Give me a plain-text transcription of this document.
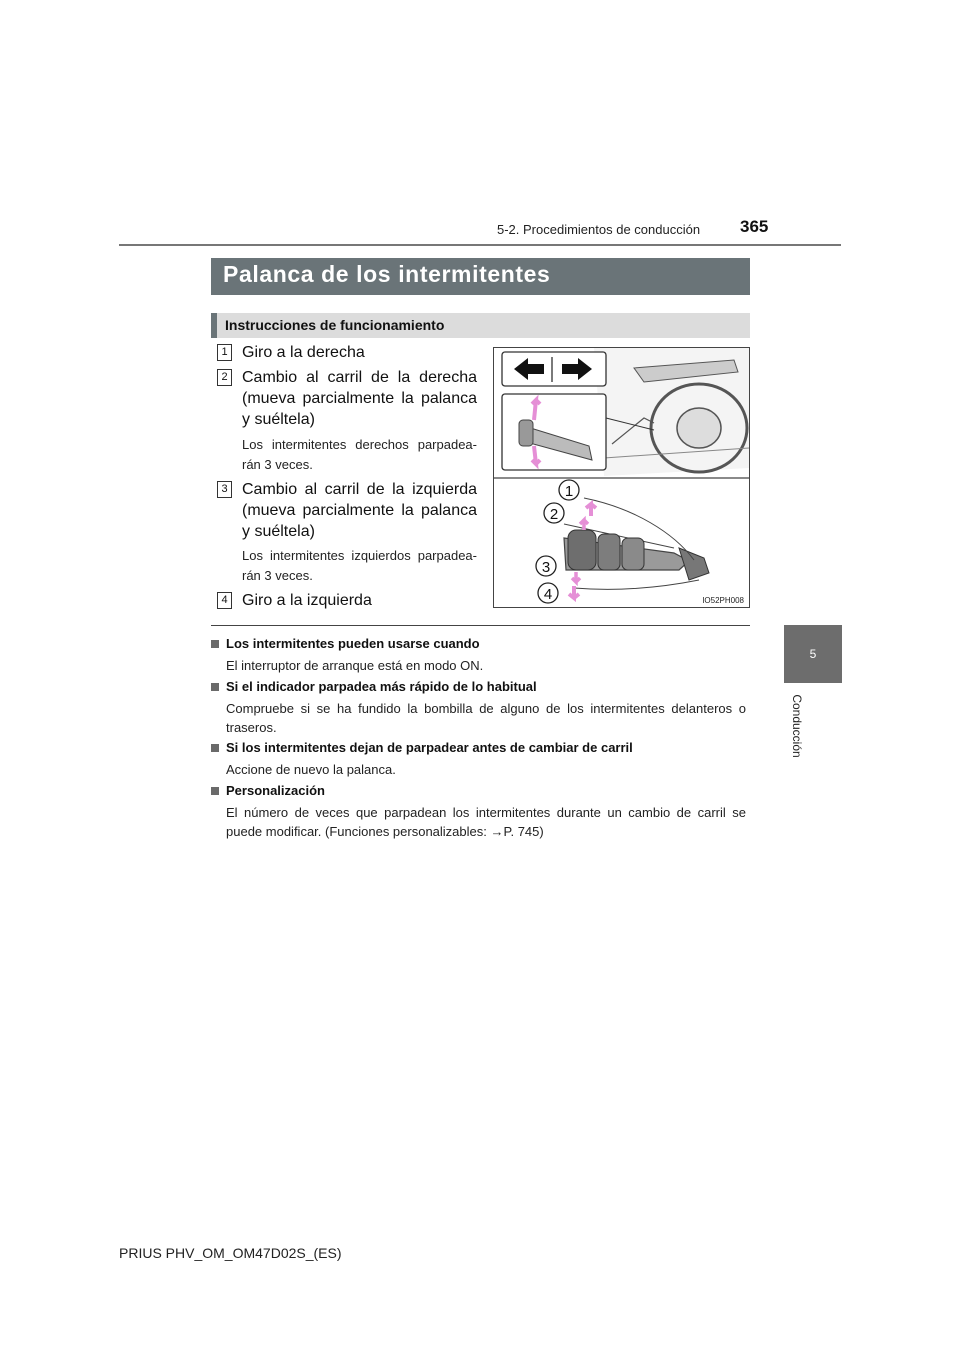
5-2. Procedimientos de conducción 365
5
Conducción
Palanca de los intermitentes
Instrucciones de funcionamiento
1 Giro a la derecha
2 Cambio al carril de la derecha (mueva parcialmente la palanca y suéltela)
Los intermitentes derechos parpadea-rán 3 veces.
3 Cambio al carril de la izquierda (mueva parcialmente la palanca y suéltela)
Los intermitentes izquierdos parpadea-rán 3 veces.
4 Giro a la izquierda
1
2
3
4	IO52PH008
Los intermitentes pueden usarse cuando
El interruptor de arranque está en modo ON.
Si el indicador parpadea más rápido de lo habitual
Compruebe si se ha fundido la bombilla de alguno de los intermitentes delanteros o traseros.
Si los intermitentes dejan de parpadear antes de cambiar de carril
Accione de nuevo la palanca.
Personalización
El número de veces que parpadean los intermitentes durante un cambio de carril se puede modificar. (Funciones personalizables: →P. 745)
PRIUS PHV_OM_OM47D02S_(ES)
